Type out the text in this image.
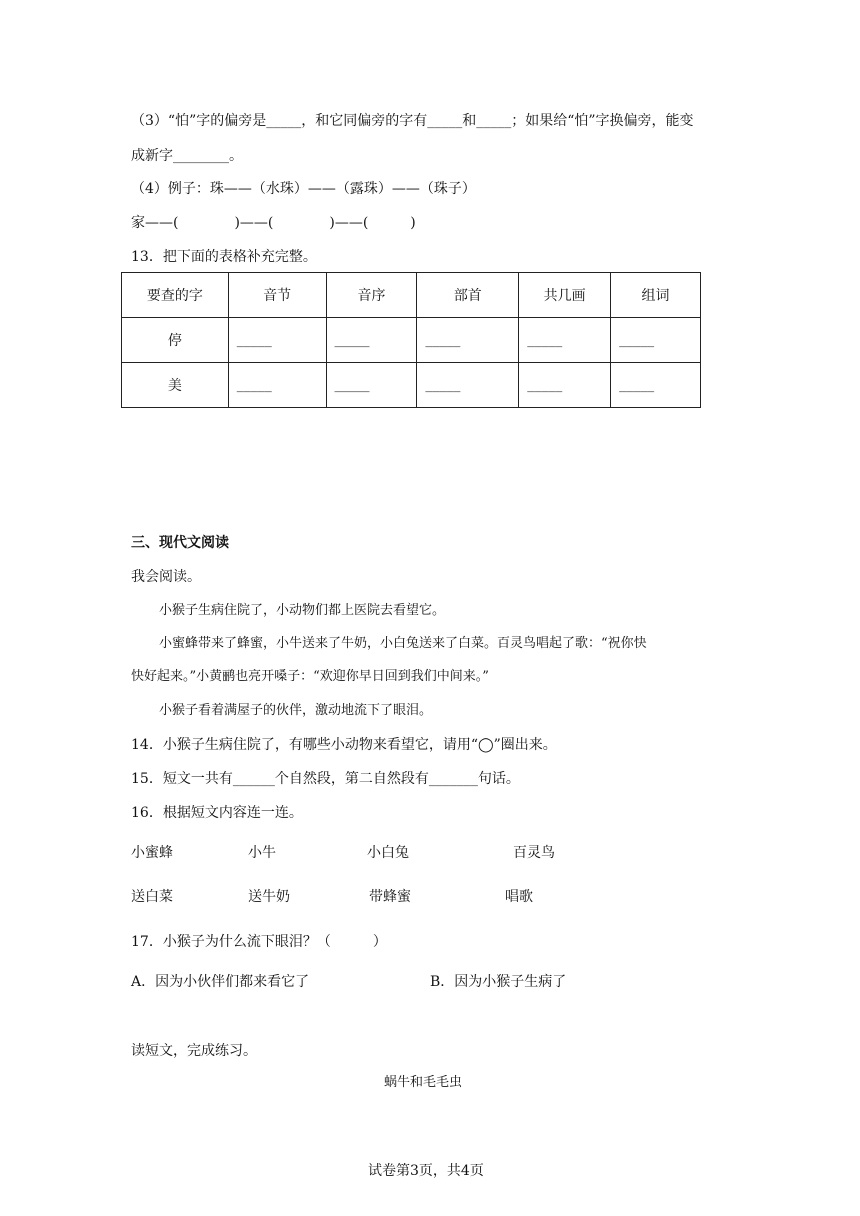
（3）“怕”字的偏旁是_____，和它同偏旁的字有_____和_____；如果给“怕”字换偏旁，能变
成新字________。
（4）例子：珠——（水珠）——（露珠）——（珠子）
家——(　　　　)——(　　　　)——(　　　)
13．把下面的表格补充完整。
要查的字	音节	音序	部首	共几画	组词
停	_____	_____	_____	_____	_____
美	_____	_____	_____	_____	_____
三、现代文阅读
我会阅读。
小猴子生病住院了，小动物们都上医院去看望它。
小蜜蜂带来了蜂蜜，小牛送来了牛奶，小白兔送来了白菜。百灵鸟唱起了歌：“祝你快
快好起来。”小黄鹂也亮开嗓子：“欢迎你早日回到我们中间来。”
小猴子看着满屋子的伙伴，激动地流下了眼泪。
14．小猴子生病住院了，有哪些小动物来看望它，请用“◯”圈出来。
15．短文一共有______个自然段，第二自然段有_______句话。
16．根据短文内容连一连。
小蜜蜂	小牛	小白兔	百灵鸟
送白菜	送牛奶	带蜂蜜	唱歌
17．小猴子为什么流下眼泪？（　　　）
A．因为小伙伴们都来看它了	B．因为小猴子生病了
读短文，完成练习。
蜗牛和毛毛虫
试卷第3页，共4页
